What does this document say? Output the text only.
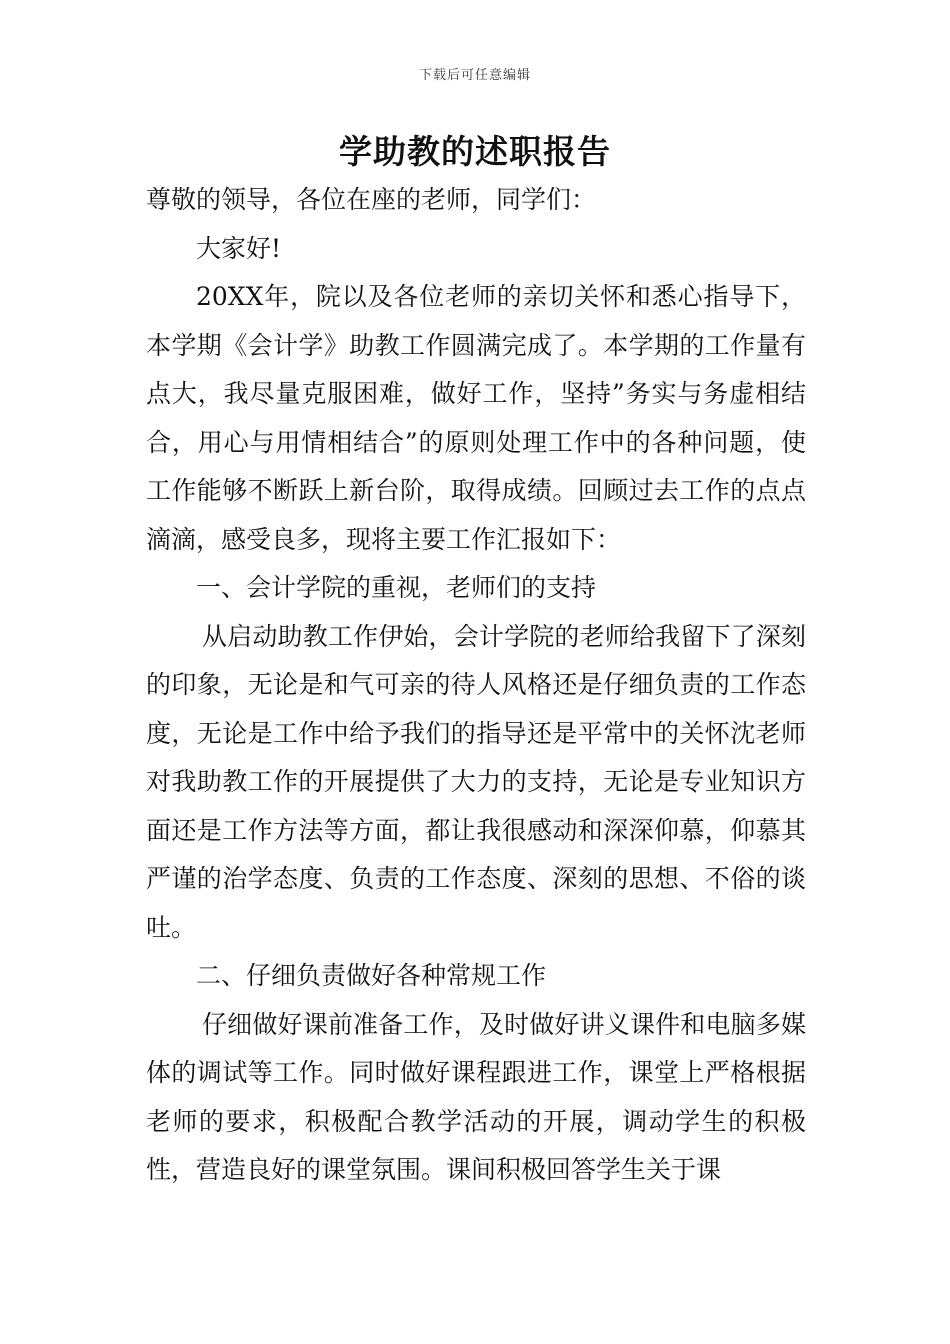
下载后可任意编辑
学助教的述职报告

尊敬的领导，各位在座的老师，同学们：

大家好!

20XX年，院以及各位老师的亲切关怀和悉心指导下，本学期《会计学》助教工作圆满完成了。本学期的工作量有点大，我尽量克服困难，做好工作，坚持”务实与务虚相结合，用心与用情相结合”的原则处理工作中的各种问题，使工作能够不断跃上新台阶，取得成绩。回顾过去工作的点点滴滴，感受良多，现将主要工作汇报如下：

一、会计学院的重视，老师们的支持

从启动助教工作伊始，会计学院的老师给我留下了深刻的印象，无论是和气可亲的待人风格还是仔细负责的工作态度，无论是工作中给予我们的指导还是平常中的关怀沈老师对我助教工作的开展提供了大力的支持，无论是专业知识方面还是工作方法等方面，都让我很感动和深深仰慕，仰慕其严谨的治学态度、负责的工作态度、深刻的思想、不俗的谈吐。

二、仔细负责做好各种常规工作

仔细做好课前准备工作，及时做好讲义课件和电脑多媒体的调试等工作。同时做好课程跟进工作，课堂上严格根据老师的要求，积极配合教学活动的开展，调动学生的积极性，营造良好的课堂氛围。课间积极回答学生关于课
